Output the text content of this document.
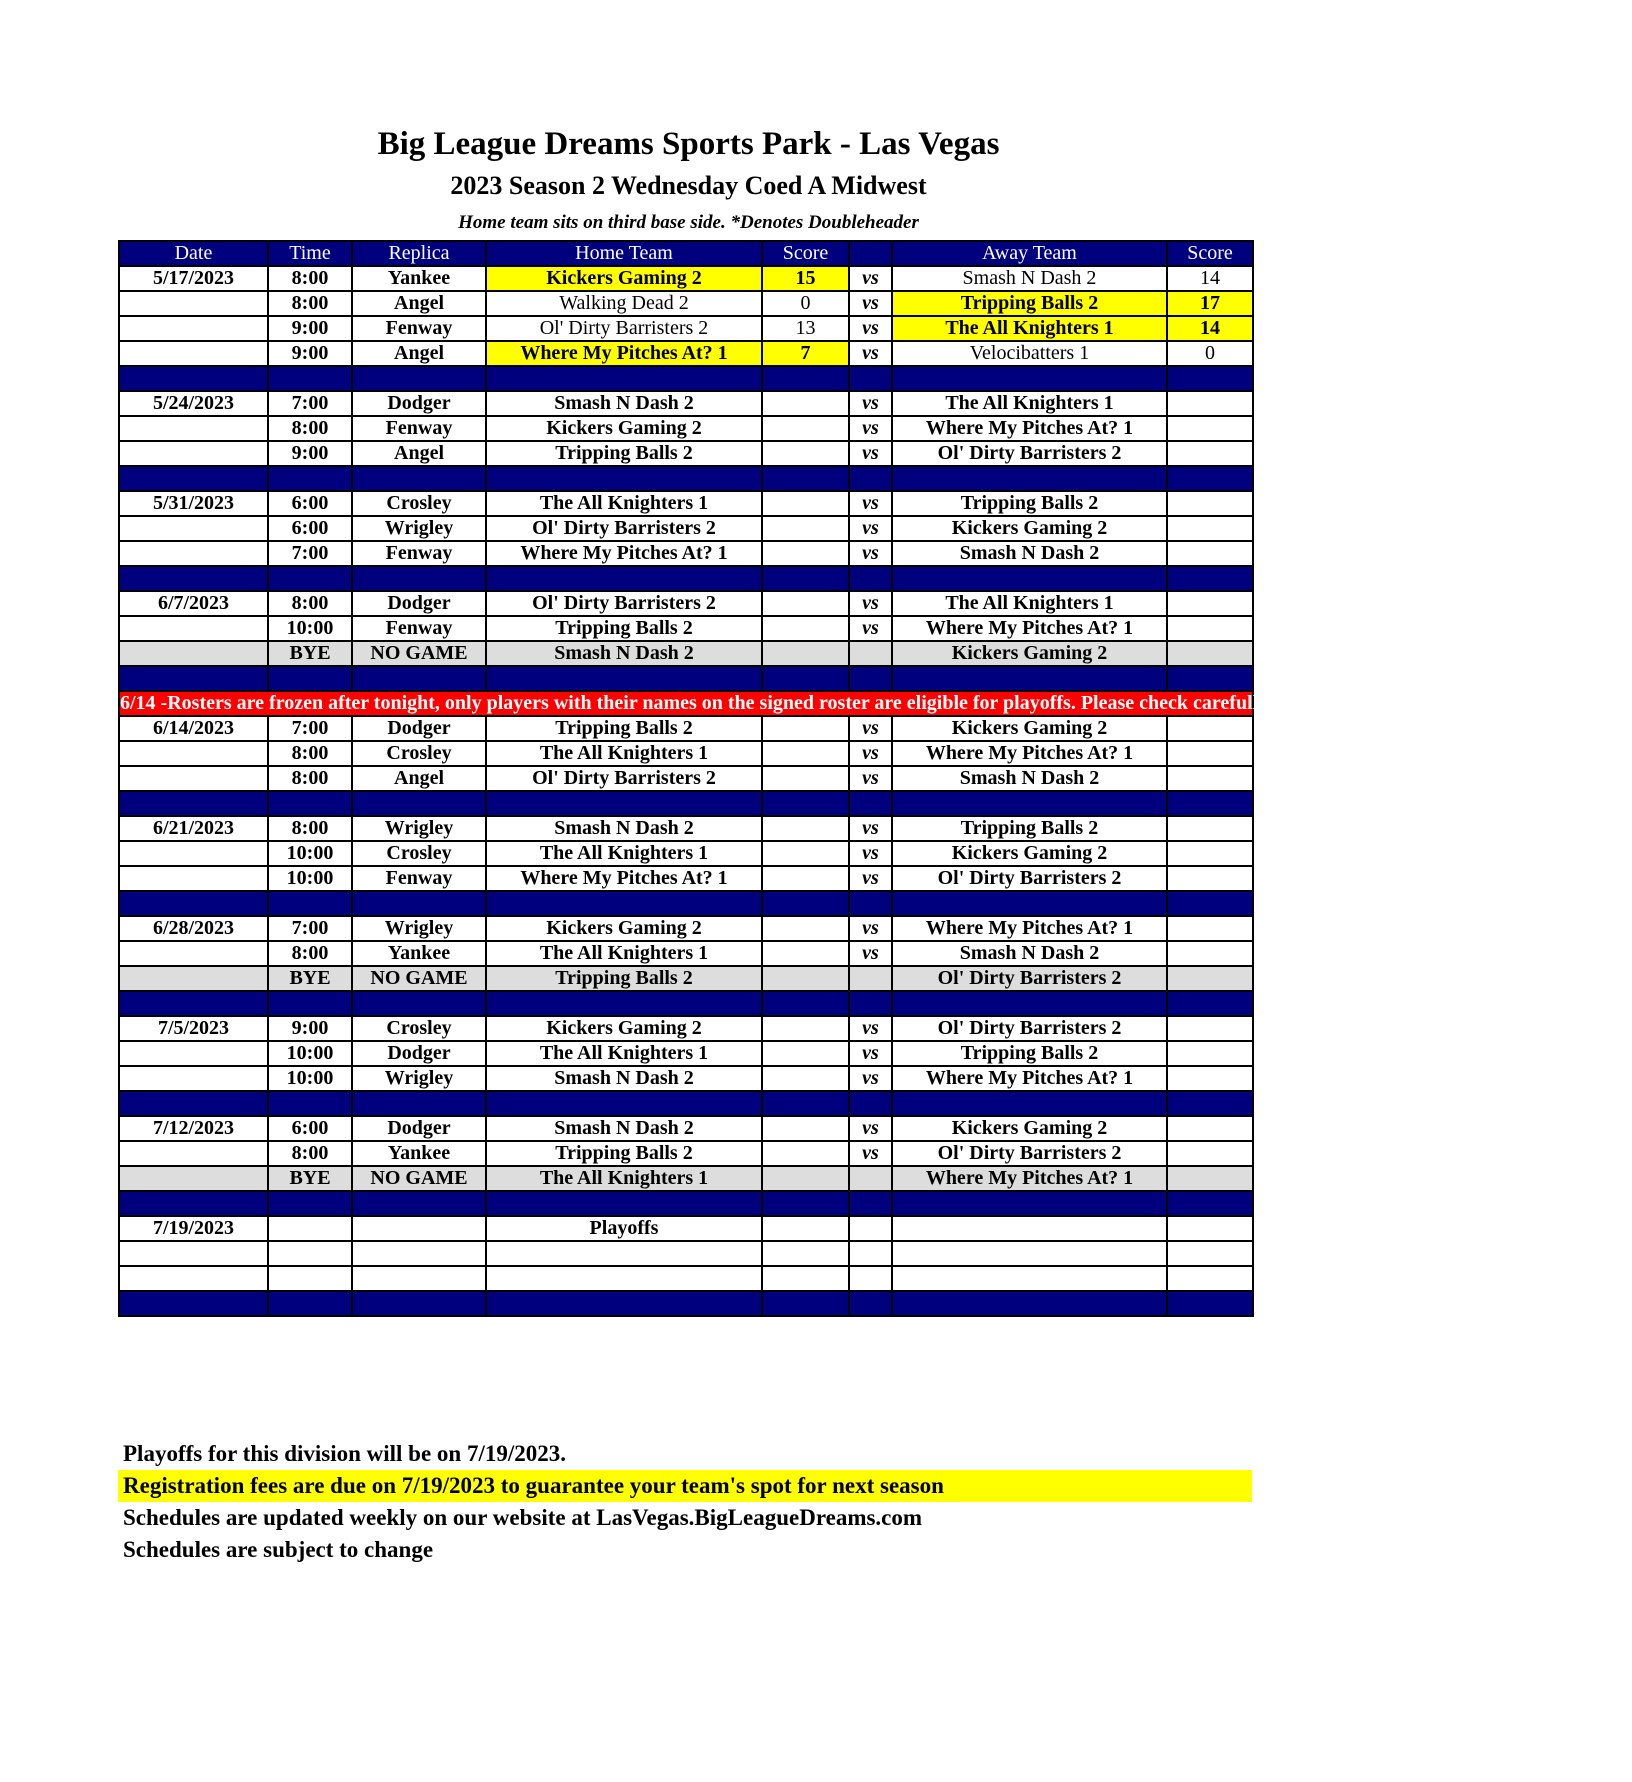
Big League Dreams Sports Park - Las Vegas
2023 Season 2 Wednesday Coed A Midwest
Home team sits on third base side. *Denotes Doubleheader
Date	Time	Replica	Home Team	Score		Away Team	Score
5/17/2023	8:00	Yankee	Kickers Gaming 2	15	vs	Smash N Dash 2	14
	8:00	Angel	Walking Dead 2	0	vs	Tripping Balls 2	17
	9:00	Fenway	Ol' Dirty Barristers 2	13	vs	The All Knighters 1	14
	9:00	Angel	Where My Pitches At? 1	7	vs	Velocibatters 1	0

5/24/2023	7:00	Dodger	Smash N Dash 2		vs	The All Knighters 1	
	8:00	Fenway	Kickers Gaming 2		vs	Where My Pitches At? 1	
	9:00	Angel	Tripping Balls 2		vs	Ol' Dirty Barristers 2	

5/31/2023	6:00	Crosley	The All Knighters 1		vs	Tripping Balls 2	
	6:00	Wrigley	Ol' Dirty Barristers 2		vs	Kickers Gaming 2	
	7:00	Fenway	Where My Pitches At? 1		vs	Smash N Dash 2	

6/7/2023	8:00	Dodger	Ol' Dirty Barristers 2		vs	The All Knighters 1	
	10:00	Fenway	Tripping Balls 2		vs	Where My Pitches At? 1	
	BYE	NO GAME	Smash N Dash 2			Kickers Gaming 2	

6/14 -Rosters are frozen after tonight, only players with their names on the signed roster are eligible for playoffs. Please check carefully as changes will not be made for omissions.							
6/14/2023	7:00	Dodger	Tripping Balls 2		vs	Kickers Gaming 2	
	8:00	Crosley	The All Knighters 1		vs	Where My Pitches At? 1	
	8:00	Angel	Ol' Dirty Barristers 2		vs	Smash N Dash 2	

6/21/2023	8:00	Wrigley	Smash N Dash 2		vs	Tripping Balls 2	
	10:00	Crosley	The All Knighters 1		vs	Kickers Gaming 2	
	10:00	Fenway	Where My Pitches At? 1		vs	Ol' Dirty Barristers 2	

6/28/2023	7:00	Wrigley	Kickers Gaming 2		vs	Where My Pitches At? 1	
	8:00	Yankee	The All Knighters 1		vs	Smash N Dash 2	
	BYE	NO GAME	Tripping Balls 2			Ol' Dirty Barristers 2	

7/5/2023	9:00	Crosley	Kickers Gaming 2		vs	Ol' Dirty Barristers 2	
	10:00	Dodger	The All Knighters 1		vs	Tripping Balls 2	
	10:00	Wrigley	Smash N Dash 2		vs	Where My Pitches At? 1	

7/12/2023	6:00	Dodger	Smash N Dash 2		vs	Kickers Gaming 2	
	8:00	Yankee	Tripping Balls 2		vs	Ol' Dirty Barristers 2	
	BYE	NO GAME	The All Knighters 1			Where My Pitches At? 1	

7/19/2023			Playoffs				

Playoffs for this division will be on 7/19/2023.
Registration fees are due on 7/19/2023 to guarantee your team's spot for next season
Schedules are updated weekly on our website at LasVegas.BigLeagueDreams.com
Schedules are subject to change
